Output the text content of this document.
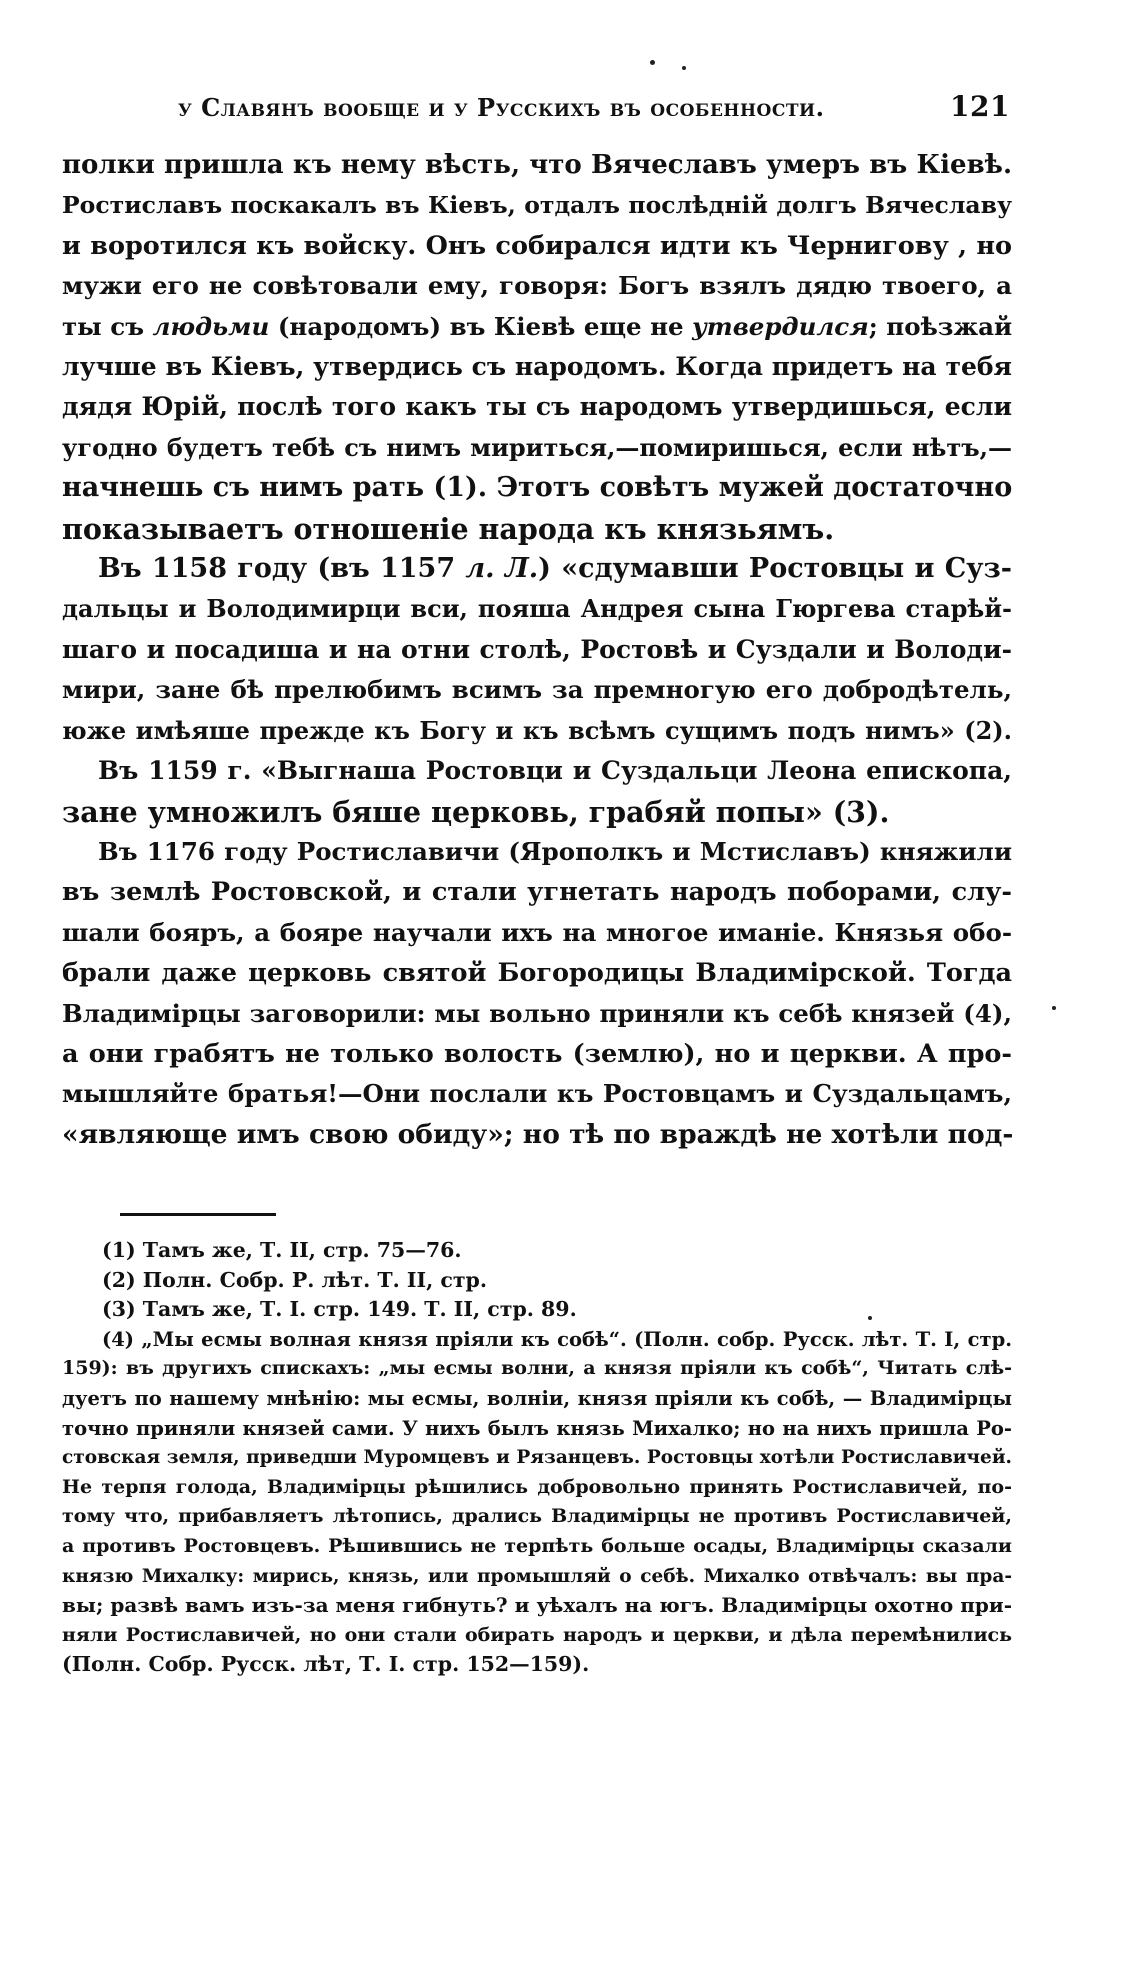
у Славянъ вообще и у Русскихъ въ особенности.	121
полки пришла къ нему вѣсть, что Вячеславъ умеръ въ Кіевѣ.
Ростиславъ поскакалъ въ Кіевъ, отдалъ послѣдній долгъ Вячеславу
и воротился къ войску. Онъ собирался идти къ Чернигову , но
мужи его не совѣтовали ему, говоря: Богъ взялъ дядю твоего, а
ты съ людьми (народомъ) въ Кіевѣ еще не утвердился; поѣзжай
лучше въ Кіевъ, утвердись съ народомъ. Когда придетъ на тебя
дядя Юрій, послѣ того какъ ты съ народомъ утвердишься, если
угодно будетъ тебѣ съ нимъ мириться,—помиришься, если нѣтъ,—
начнешь съ нимъ рать (1). Этотъ совѣтъ мужей достаточно
показываетъ отношеніе народа къ князьямъ.
Въ 1158 году (въ 1157 л. Л.) «сдумавши Ростовцы и Суз-
дальцы и Володимирци вси, пояша Андрея сына Гюргева старѣй-
шаго и посадиша и на отни столѣ, Ростовѣ и Суздали и Володи-
мири, зане бѣ прелюбимъ всимъ за премногую его добродѣтель,
юже имѣяше прежде къ Богу и къ всѣмъ сущимъ подъ нимъ» (2).
Въ 1159 г. «Выгнаша Ростовци и Суздальци Леона епископа,
зане умножилъ бяше церковь, грабяй попы» (3).
Въ 1176 году Ростиславичи (Ярополкъ и Мстиславъ) княжили
въ землѣ Ростовской, и стали угнетать народъ поборами, слу-
шали бояръ, а бояре научали ихъ на многое иманіе. Князья обо-
брали даже церковь святой Богородицы Владимірской. Тогда
Владимірцы заговорили: мы вольно приняли къ себѣ князей (4),
а они грабятъ не только волость (землю), но и церкви. А про-
мышляйте братья!—Они послали къ Ростовцамъ и Суздальцамъ,
«являюще имъ свою обиду»; но тѣ по враждѣ не хотѣли под-
(1) Тамъ же, Т. II, стр. 75—76.
(2) Полн. Собр. Р. лѣт. Т. II, стр.
(3) Тамъ же, Т. I. стр. 149. Т. II, стр. 89.
(4) „Мы есмы волная князя прiяли къ собѣ“. (Полн. собр. Русск. лѣт. Т. I, стр.
159): въ другихъ спискахъ: „мы есмы волни, а князя прiяли къ собѣ“, Читать слѣ-
дуетъ по нашему мнѣнію: мы есмы, волнiи, князя прiяли къ собѣ, — Владимірцы
точно приняли князей сами. У нихъ былъ князь Михалко; но на нихъ пришла Ро-
стовская земля, приведши Муромцевъ и Рязанцевъ. Ростовцы хотѣли Ростиславичей.
Не терпя голода, Владимірцы рѣшились добровольно принять Ростиславичей, по-
тому что, прибавляетъ лѣтопись, дрались Владимірцы не противъ Ростиславичей,
а противъ Ростовцевъ. Рѣшившись не терпѣть больше осады, Владимірцы сказали
князю Михалку: мирись, князь, или промышляй о себѣ. Михалко отвѣчалъ: вы пра-
вы; развѣ вамъ изъ-за меня гибнуть? и уѣхалъ на югъ. Владимірцы охотно при-
няли Ростиславичей, но они стали обирать народъ и церкви, и дѣла перемѣнились
(Полн. Собр. Русск. лѣт, Т. I. стр. 152—159).
